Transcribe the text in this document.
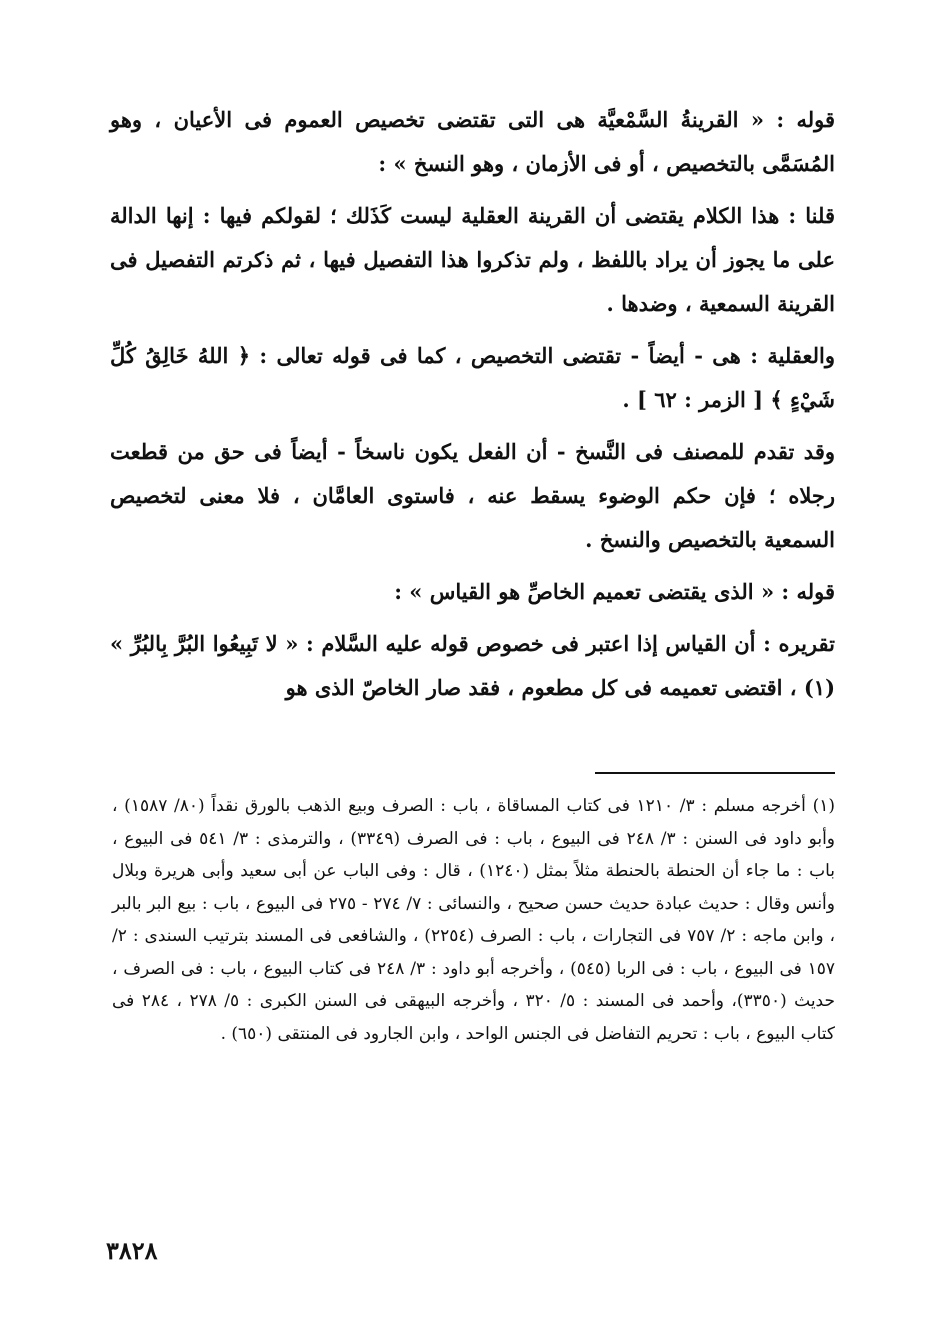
قوله : « القرينةُ السَّمْعيَّة هى التى تقتضى تخصيص العموم فى الأعيان ، وهو المُسَمَّى بالتخصيص ، أو فى الأزمان ، وهو النسخ » :

قلنا : هذا الكلام يقتضى أن القرينة العقلية ليست كَذَلك ؛ لقولكم فيها : إنها الدالة على ما يجوز أن يراد باللفظ ، ولم تذكروا هذا التفصيل فيها ، ثم ذكرتم التفصيل فى القرينة السمعية ، وضدها .

والعقلية : هى - أيضاً - تقتضى التخصيص ، كما فى قوله تعالى : ﴿ اللهُ خَالِقُ كُلِّ شَيْءٍ ﴾ [ الزمر : ٦٢ ] .

وقد تقدم للمصنف فى النَّسخ - أن الفعل يكون ناسخاً - أيضاً فى حق من قطعت رجلاه ؛ فإن حكم الوضوء يسقط عنه ، فاستوى العامَّان ، فلا معنى لتخصيص السمعية بالتخصيص والنسخ .

قوله : « الذى يقتضى تعميم الخاصِّ هو القياس » :

تقريره : أن القياس إذا اعتبر فى خصوص قوله عليه السَّلام : « لا تَبِيعُوا البُرَّ بِالبُرِّ » (١) ، اقتضى تعميمه فى كل مطعوم ، فقد صار الخاصّ الذى هو

(١) أخرجه مسلم : ٣/ ١٢١٠ فى كتاب المساقاة ، باب : الصرف وبيع الذهب بالورق نقداً (٨٠/ ١٥٨٧) ، وأبو داود فى السنن : ٣/ ٢٤٨ فى البيوع ، باب : فى الصرف (٣٣٤٩) ، والترمذى : ٣/ ٥٤١ فى البيوع ، باب : ما جاء أن الحنطة بالحنطة مثلاً بمثل (١٢٤٠) ، قال : وفى الباب عن أبى سعيد وأبى هريرة وبلال وأنس وقال : حديث عبادة حديث حسن صحيح ، والنسائى : ٧/ ٢٧٤ - ٢٧٥ فى البيوع ، باب : بيع البر بالبر ، وابن ماجه : ٢/ ٧٥٧ فى التجارات ، باب : الصرف (٢٢٥٤) ، والشافعى فى المسند بترتيب السندى : ٢/ ١٥٧ فى البيوع ، باب : فى الربا (٥٤٥) ، وأخرجه أبو داود : ٣/ ٢٤٨ فى كتاب البيوع ، باب : فى الصرف ، حديث (٣٣٥٠)، وأحمد فى المسند : ٥/ ٣٢٠ ، وأخرجه البيهقى فى السنن الكبرى : ٥/ ٢٧٨ ، ٢٨٤ فى كتاب البيوع ، باب : تحريم التفاضل فى الجنس الواحد ، وابن الجارود فى المنتقى (٦٥٠) .

٣٨٢٨
